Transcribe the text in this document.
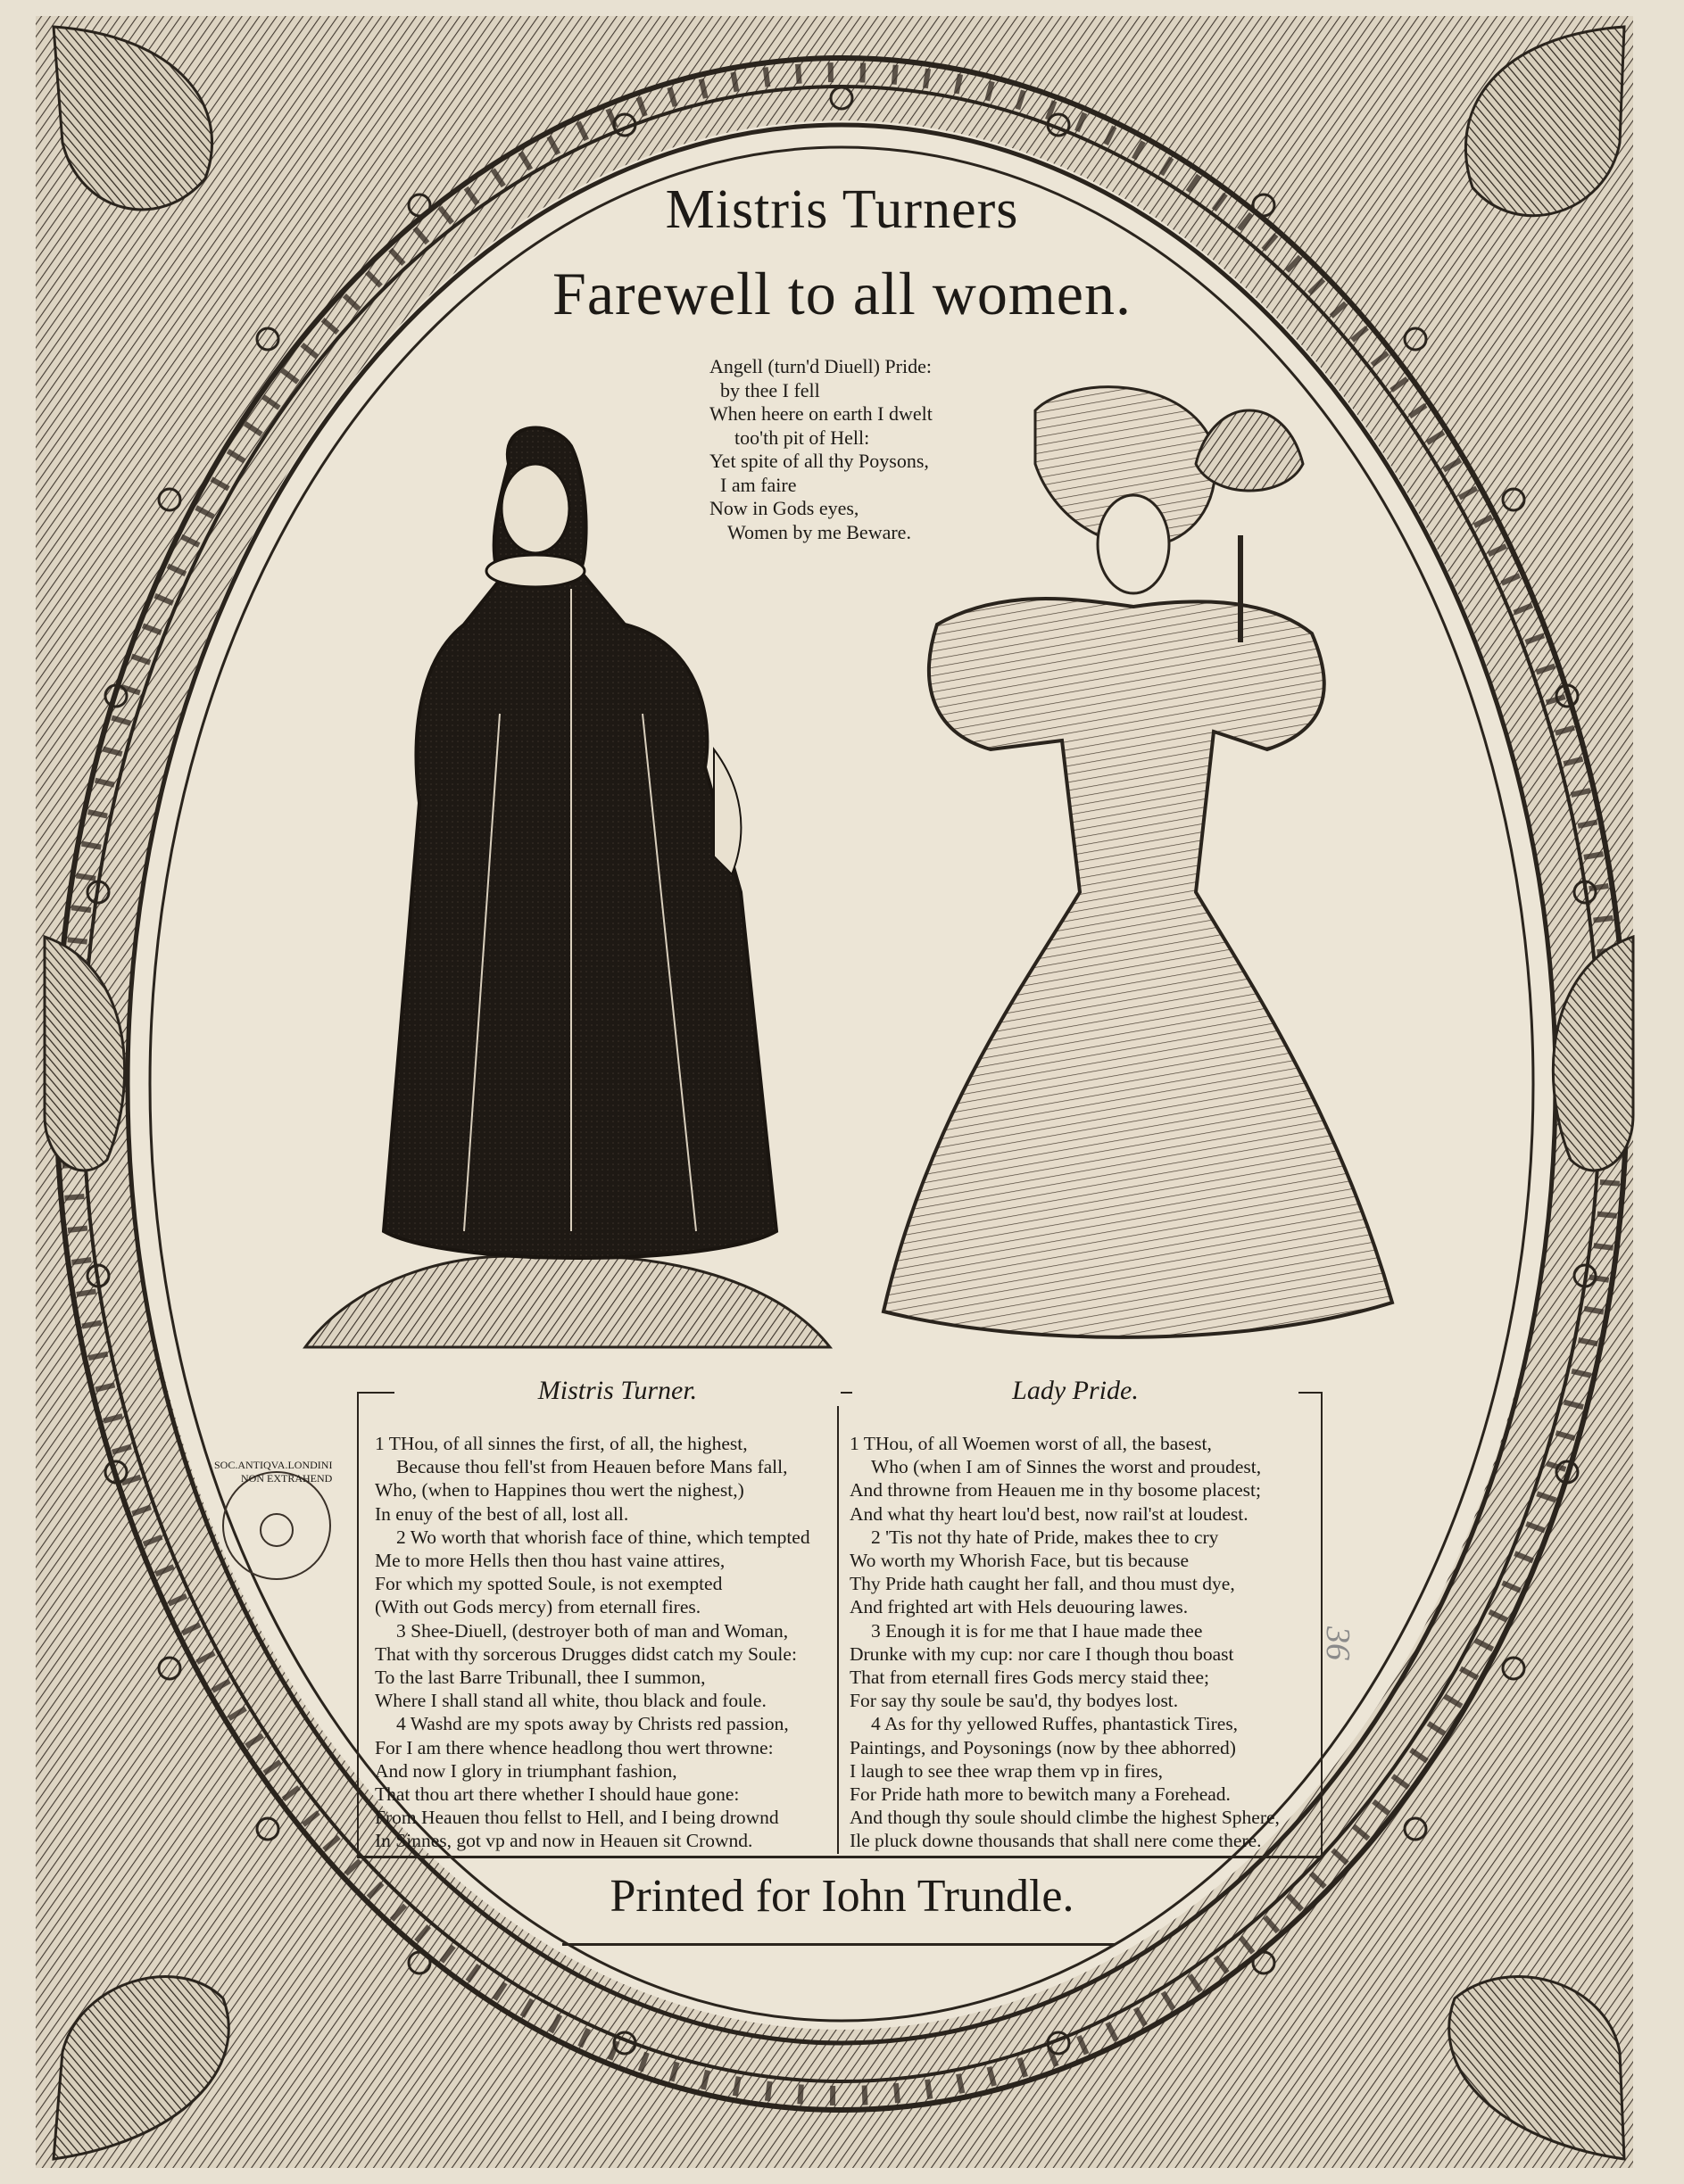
Mistris Turners
Farewell to all women.
Angell (turn'd Diuell) Pride:
by thee I fell
When heere on earth I dwelt
too'th pit of Hell:
Yet spite of all thy Poysons,
I am faire
Now in Gods eyes,
Women by me Beware.
Mistris Turner.	Lady Pride.
1 THou, of all sinnes the first, of all, the highest,
Because thou fell'st from Heauen before Mans fall,
Who, (when to Happines thou wert the nighest,)
In enuy of the best of all, lost all.
2 Wo worth that whorish face of thine, which tempted
Me to more Hells then thou hast vaine attires,
For which my spotted Soule, is not exempted
(With out Gods mercy) from eternall fires.
3 Shee-Diuell, (destroyer both of man and Woman,
That with thy sorcerous Drugges didst catch my Soule:
To the last Barre Tribunall, thee I summon,
Where I shall stand all white, thou black and foule.
4 Washd are my spots away by Christs red passion,
For I am there whence headlong thou wert throwne:
And now I glory in triumphant fashion,
That thou art there whether I should haue gone:
From Heauen thou fellst to Hell, and I being drownd
In Sinnes, got vp and now in Heauen sit Crownd.
1 THou, of all Woemen worst of all, the basest,
Who (when I am of Sinnes the worst and proudest,
And throwne from Heauen me in thy bosome placest;
And what thy heart lou'd best, now rail'st at loudest.
2 'Tis not thy hate of Pride, makes thee to cry
Wo worth my Whorish Face, but tis because
Thy Pride hath caught her fall, and thou must dye,
And frighted art with Hels deuouring lawes.
3 Enough it is for me that I haue made thee
Drunke with my cup: nor care I though thou boast
That from eternall fires Gods mercy staid thee;
For say thy soule be sau'd, thy bodyes lost.
4 As for thy yellowed Ruffes, phantastick Tires,
Paintings, and Poysonings (now by thee abhorred)
I laugh to see thee wrap them vp in fires,
For Pride hath more to bewitch many a Forehead.
And though thy soule should climbe the highest Sphere,
Ile pluck downe thousands that shall nere come there.
Printed for Iohn Trundle.
SOC.ANTIQVA.LONDINI
NON EXTRAHEND
36
